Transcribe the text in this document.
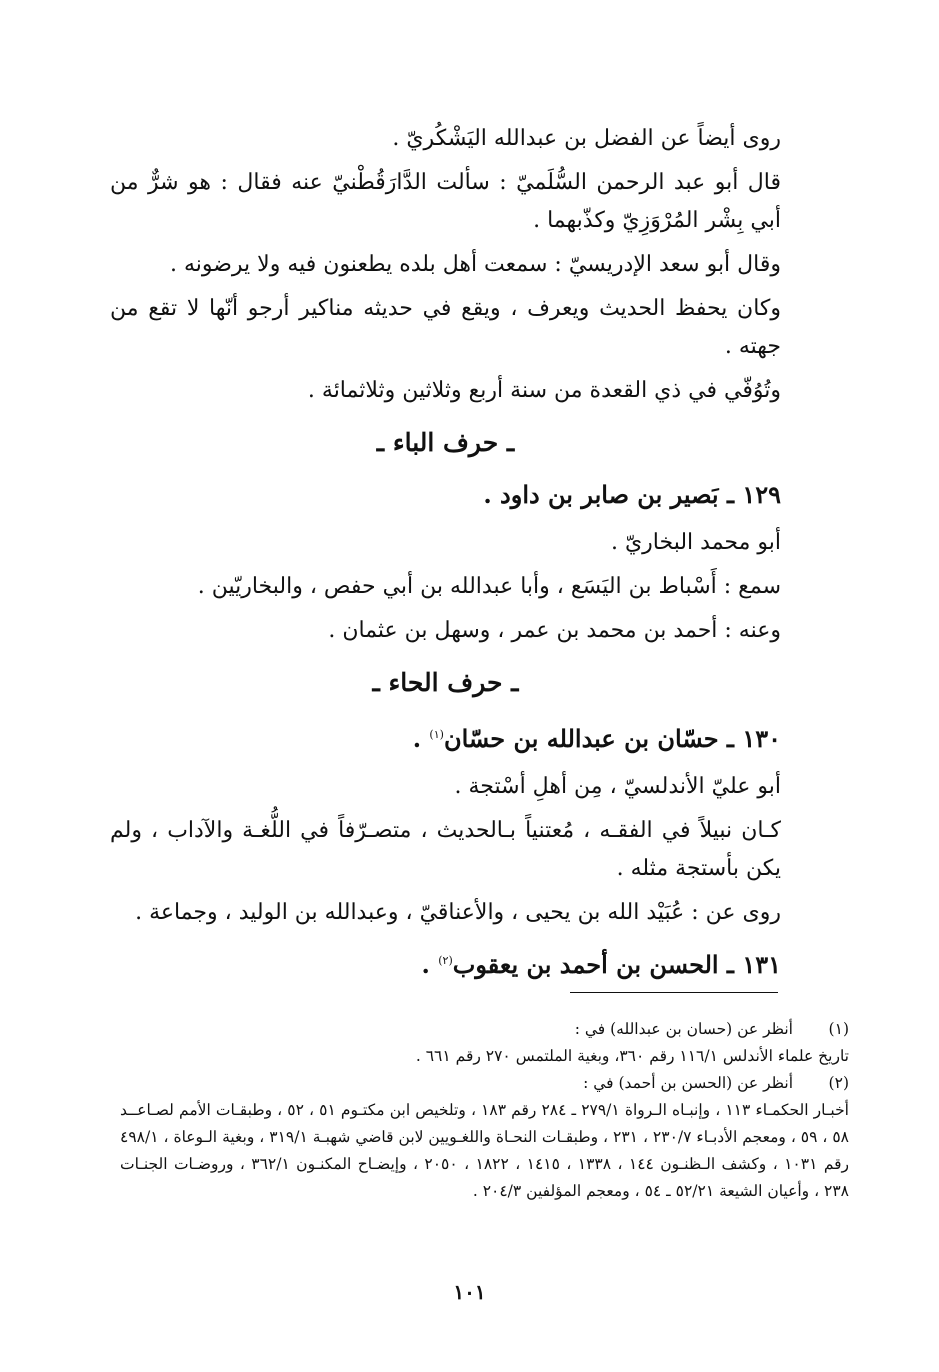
روى أيضاً عن الفضل بن عبدالله اليَشْكُريّ .

قال أبو عبد الرحمن السُّلَميّ : سألت الدَّارَقُطْنيّ عنه فقال : هو شرٌّ من أبي بِشْر المُرْوَزِيّ وكذّبهما .

وقال أبو سعد الإدريسيّ : سمعت أهل بلده يطعنون فيه ولا يرضونه .

وكان يحفظ الحديث ويعرف ، ويقع في حديثه مناكير أرجو أنّها لا تقع من جهته .

وتُوُفّي في ذي القعدة من سنة أربع وثلاثين وثلاثمائة .

ـ حرف الباء ـ
١٢٩ ـ بَصير بن صابر بن داود .

أبو محمد البخاريّ .

سمع : أَسْباط بن اليَسَع ، وأبا عبدالله بن أبي حفص ، والبخاريّين .

وعنه : أحمد بن محمد بن عمر ، وسهل بن عثمان .

ـ حرف الحاء ـ
١٣٠ ـ حسّان بن عبدالله بن حسّان$^{(١)}$ .

أبو عليّ الأندلسيّ ، مِن أهلِ أسْتجة .

كـان نبيلاً في الفقـه ، مُعتنياً بـالحديث ، متصـرّفاً في اللُّغـة والآداب ، ولم يكن بأستجة مثله .

روى عن : عُبَيْد الله بن يحيى ، والأعناقيّ ، وعبدالله بن الوليد ، وجماعة .

١٣١ ـ الحسن بن أحمد بن يعقوب$^{(٢)}$ .
(١)
أنظر عن (حسان بن عبدالله) في :
تاريخ علماء الأندلس ١١٦/١ رقم ٣٦٠، وبغية الملتمس ٢٧٠ رقم ٦٦١ .
(٢)
أنظر عن (الحسن بن أحمد) في :
أخبـار الحكمـاء ١١٣ ، وإنبـاه الـرواة ٢٧٩/١ ـ ٢٨٤ رقم ١٨٣ ، وتلخيص ابن مكتـوم ٥١ ، ٥٢ ، وطبقـات الأمم لصـاعــد ٥٨ ، ٥٩ ، ومعجم الأدبـاء ٢٣٠/٧ ، ٢٣١ ، وطبقـات النحـاة واللغـويين لابن قاضي شهبـة ٣١٩/١ ، وبغية الـوعاة ، ٤٩٨/١ رقم ١٠٣١ ، وكشف الـظنـون ١٤٤ ، ١٣٣٨ ، ١٤١٥ ، ١٨٢٢ ، ٢٠٥٠ ، وإيضـاح المكنـون ٣٦٢/١ ، وروضـات الجنـات ٢٣٨ ، وأعيان الشيعة ٥٢/٢١ ـ ٥٤ ، ومعجم المؤلفين ٢٠٤/٣ .
١٠١
